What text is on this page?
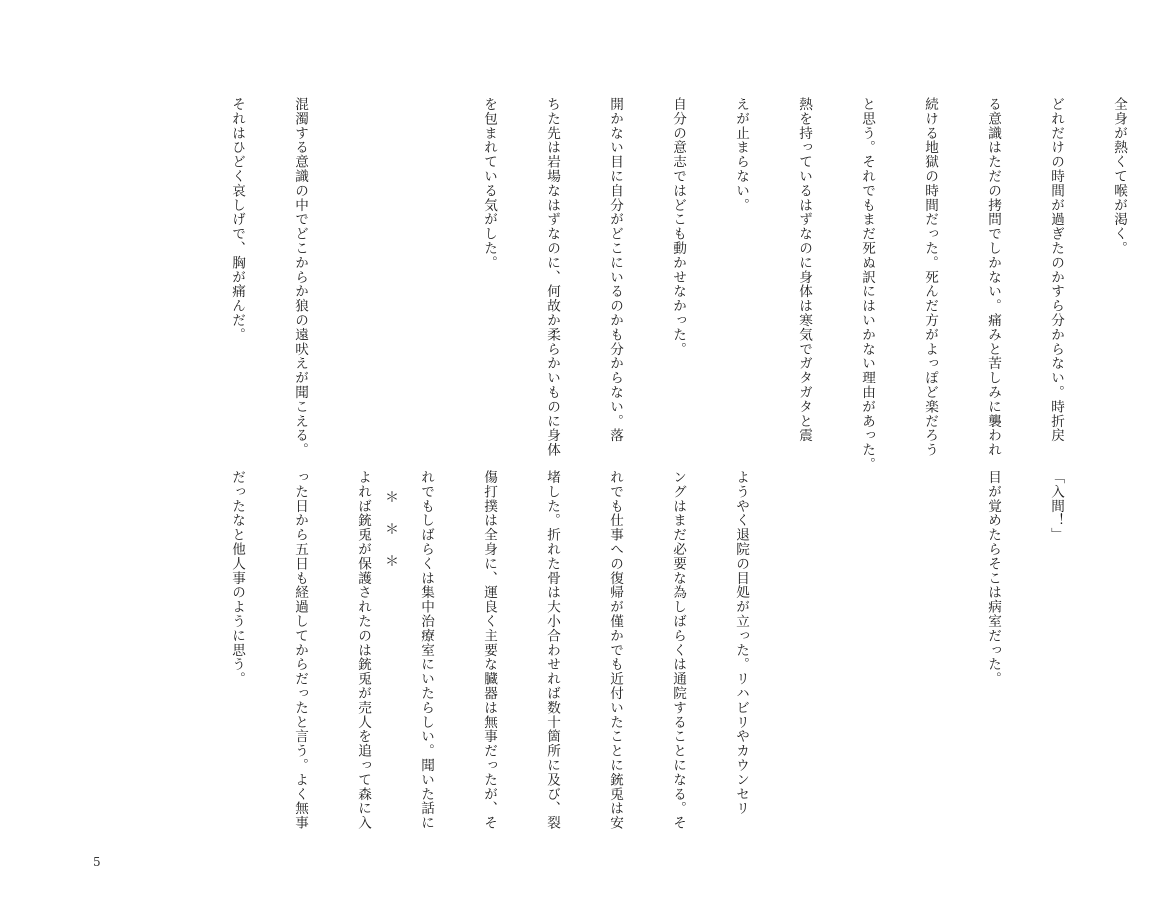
全身が熱くて喉が渇く。

どれだけの時間が過ぎたのかすら分からない。時折戻

る意識はただの拷問でしかない。痛みと苦しみに襲われ

続ける地獄の時間だった。死んだ方がよっぽど楽だろう

と思う。それでもまだ死ぬ訳にはいかない理由があった。

熱を持っているはずなのに身体は寒気でガタガタと震

えが止まらない。

自分の意志ではどこも動かせなかった。

開かない目に自分がどこにいるのかも分からない。落

ちた先は岩場なはずなのに、何故か柔らかいものに身体

を包まれている気がした。

混濁する意識の中でどこからか狼の遠吠えが聞こえる。

それはひどく哀しげで、胸が痛んだ。

「入間！」

目が覚めたらそこは病室だった。

ようやく退院の目処が立った。リハビリやカウンセリ

ングはまだ必要な為しばらくは通院することになる。そ

れでも仕事への復帰が僅かでも近付いたことに銃兎は安

堵した。折れた骨は大小合わせれば数十箇所に及び、裂

傷打撲は全身に、運良く主要な臓器は無事だったが、そ

れでもしばらくは集中治療室にいたらしい。聞いた話に

よれば銃兎が保護されたのは銃兎が売人を追って森に入

った日から五日も経過してからだったと言う。よく無事

だったなと他人事のように思う。

	＊＊＊
5
